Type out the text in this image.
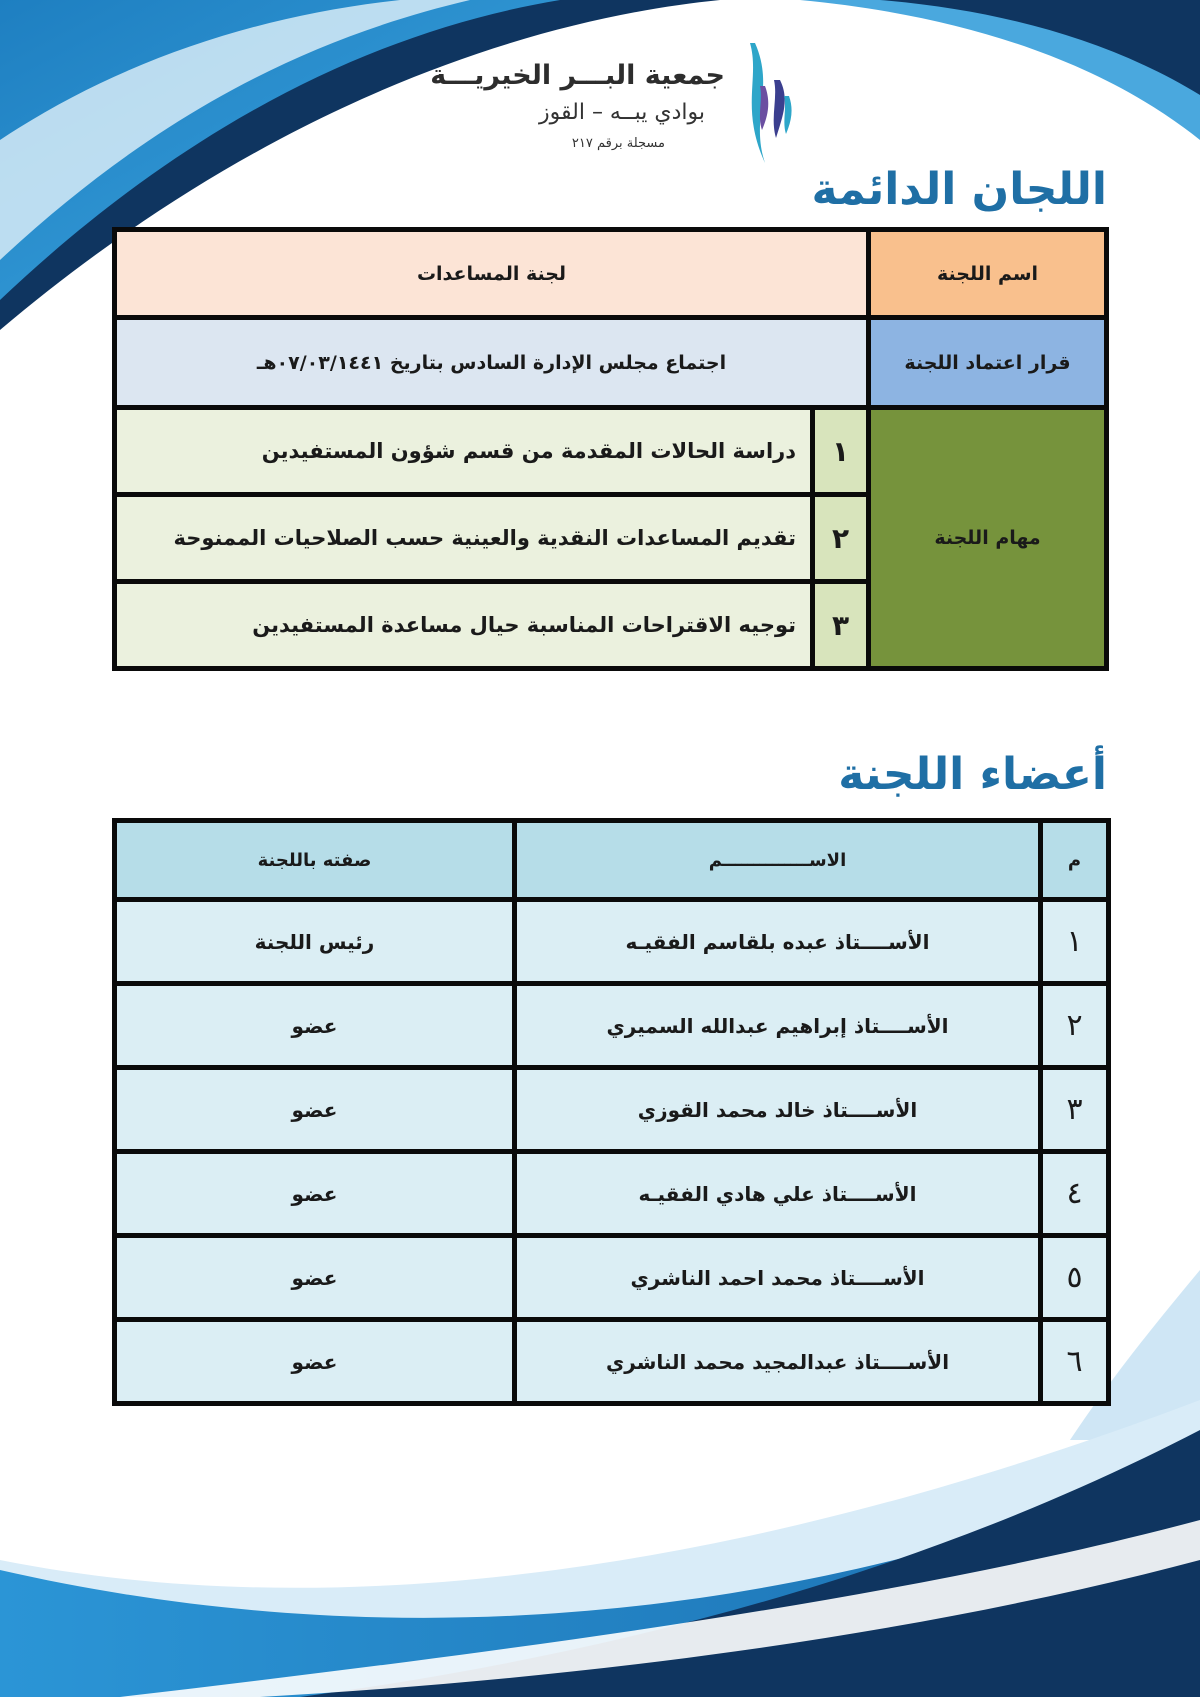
جمعية البـــر الخيريـــة
بوادي يبــه – القوز
مسجلة برقم ٢١٧
اللجان الدائمة
اسم اللجنة	لجنة المساعدات	
قرار اعتماد اللجنة	اجتماع مجلس الإدارة السادس بتاريخ ٠٧/٠٣/١٤٤١هـ	
مهام اللجنة	١	دراسة الحالات المقدمة من قسم شؤون المستفيدين
	٢	تقديم المساعدات النقدية والعينية حسب الصلاحيات الممنوحة
	٣	توجيه الاقتراحات المناسبة حيال مساعدة المستفيدين
أعضاء اللجنة
م	الاســــــــــــــم	صفته باللجنة
١	الأســــتاذ عبده بلقاسم الفقيـه	رئيس اللجنة
٢	الأســــتاذ إبراهيم عبدالله السميري	عضو
٣	الأســــتاذ خالد محمد القوزي	عضو
٤	الأســــتاذ علي هادي الفقيـه	عضو
٥	الأســــتاذ محمد احمد الناشري	عضو
٦	الأســــتاذ عبدالمجيد محمد الناشري	عضو
